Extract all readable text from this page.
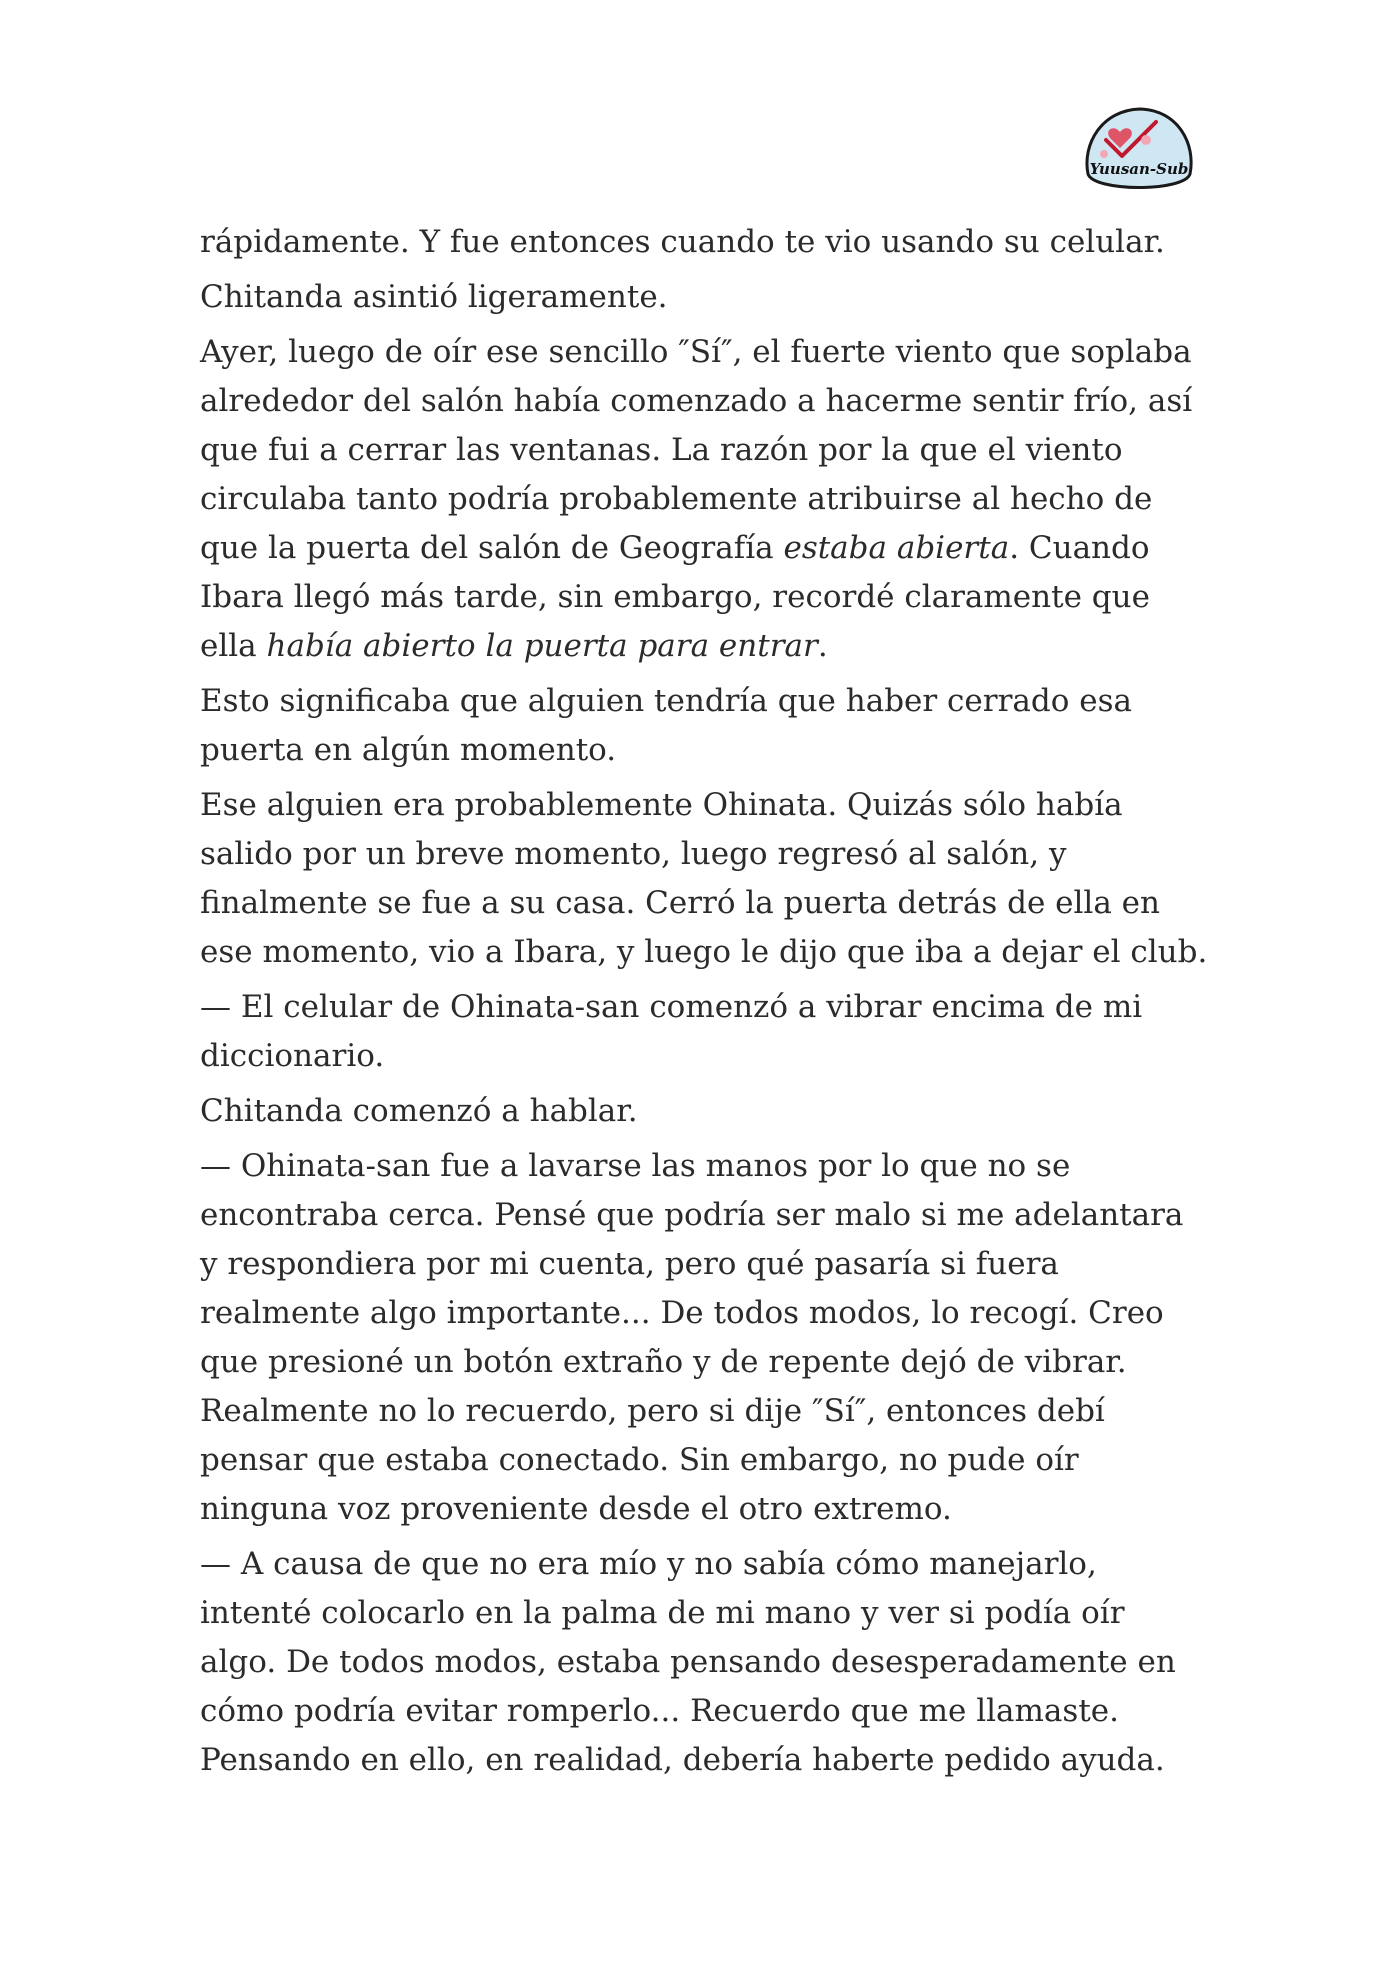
Yuusan-Sub

rápidamente. Y fue entonces cuando te vio usando su celular.

Chitanda asintió ligeramente.

Ayer, luego de oír ese sencillo ″Sí″, el fuerte viento que soplaba alrededor del salón había comenzado a hacerme sentir frío, así que fui a cerrar las ventanas. La razón por la que el viento circulaba tanto podría probablemente atribuirse al hecho de que la puerta del salón de Geografía estaba abierta. Cuando Ibara llegó más tarde, sin embargo, recordé claramente que ella había abierto la puerta para entrar.

Esto significaba que alguien tendría que haber cerrado esa puerta en algún momento.

Ese alguien era probablemente Ohinata. Quizás sólo había salido por un breve momento, luego regresó al salón, y finalmente se fue a su casa. Cerró la puerta detrás de ella en ese momento, vio a Ibara, y luego le dijo que iba a dejar el club.

— El celular de Ohinata-san comenzó a vibrar encima de mi diccionario.

Chitanda comenzó a hablar.

— Ohinata-san fue a lavarse las manos por lo que no se encontraba cerca. Pensé que podría ser malo si me adelantara y respondiera por mi cuenta, pero qué pasaría si fuera realmente algo importante... De todos modos, lo recogí. Creo que presioné un botón extraño y de repente dejó de vibrar. Realmente no lo recuerdo, pero si dije ″Sí″, entonces debí pensar que estaba conectado. Sin embargo, no pude oír ninguna voz proveniente desde el otro extremo.

— A causa de que no era mío y no sabía cómo manejarlo, intenté colocarlo en la palma de mi mano y ver si podía oír algo. De todos modos, estaba pensando desesperadamente en cómo podría evitar romperlo... Recuerdo que me llamaste. Pensando en ello, en realidad, debería haberte pedido ayuda.
